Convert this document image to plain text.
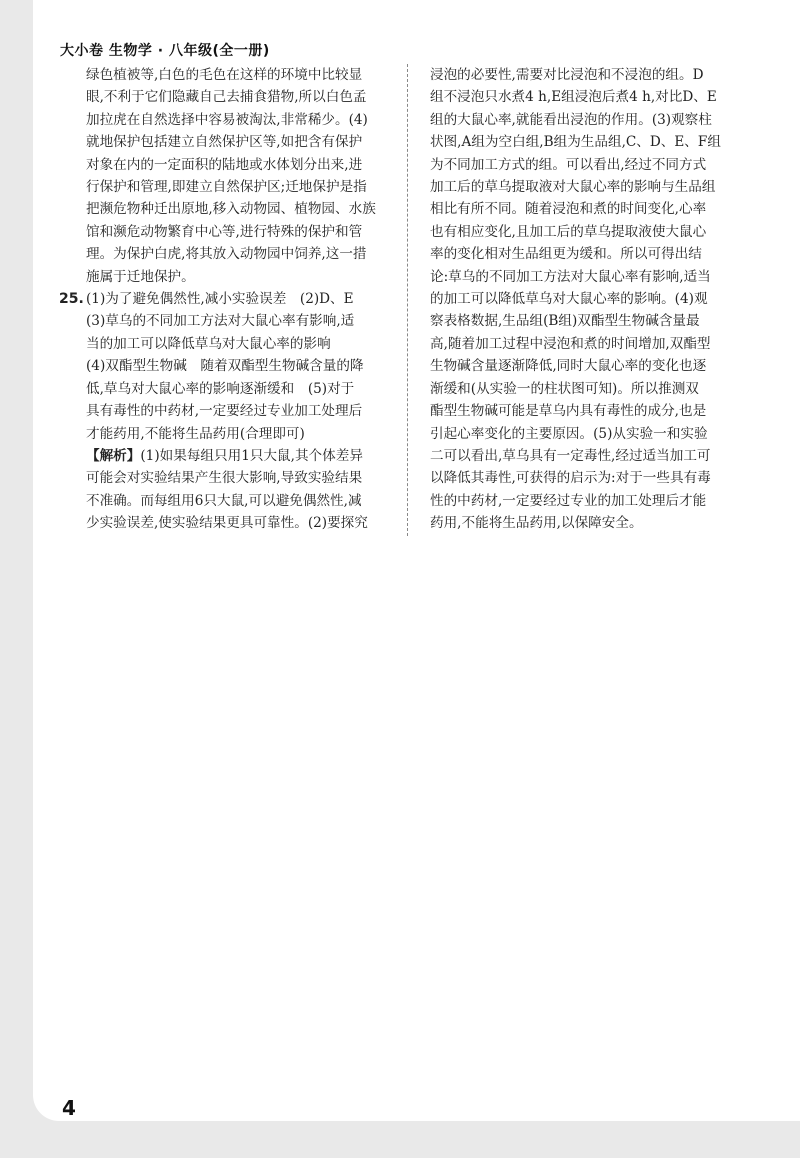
大小卷 生物学 · 八年级(全一册)
绿色植被等,白色的毛色在这样的环境中比较显
眼,不利于它们隐藏自己去捕食猎物,所以白色孟
加拉虎在自然选择中容易被淘汰,非常稀少。(4)
就地保护包括建立自然保护区等,如把含有保护
对象在内的一定面积的陆地或水体划分出来,进
行保护和管理,即建立自然保护区;迁地保护是指
把濒危物种迁出原地,移入动物园、植物园、水族
馆和濒危动物繁育中心等,进行特殊的保护和管
理。为保护白虎,将其放入动物园中饲养,这一措
施属于迁地保护。
25. (1)为了避免偶然性,减小实验误差　(2)D、E
(3)草乌的不同加工方法对大鼠心率有影响,适
当的加工可以降低草乌对大鼠心率的影响
(4)双酯型生物碱　随着双酯型生物碱含量的降
低,草乌对大鼠心率的影响逐渐缓和　(5)对于
具有毒性的中药材,一定要经过专业加工处理后
才能药用,不能将生品药用(合理即可)
【解析】(1)如果每组只用1只大鼠,其个体差异
可能会对实验结果产生很大影响,导致实验结果
不准确。而每组用6只大鼠,可以避免偶然性,减
少实验误差,使实验结果更具可靠性。(2)要探究
浸泡的必要性,需要对比浸泡和不浸泡的组。D
组不浸泡只水煮4 h,E组浸泡后煮4 h,对比D、E
组的大鼠心率,就能看出浸泡的作用。(3)观察柱
状图,A组为空白组,B组为生品组,C、D、E、F组
为不同加工方式的组。可以看出,经过不同方式
加工后的草乌提取液对大鼠心率的影响与生品组
相比有所不同。随着浸泡和煮的时间变化,心率
也有相应变化,且加工后的草乌提取液使大鼠心
率的变化相对生品组更为缓和。所以可得出结
论:草乌的不同加工方法对大鼠心率有影响,适当
的加工可以降低草乌对大鼠心率的影响。(4)观
察表格数据,生品组(B组)双酯型生物碱含量最
高,随着加工过程中浸泡和煮的时间增加,双酯型
生物碱含量逐渐降低,同时大鼠心率的变化也逐
渐缓和(从实验一的柱状图可知)。所以推测双
酯型生物碱可能是草乌内具有毒性的成分,也是
引起心率变化的主要原因。(5)从实验一和实验
二可以看出,草乌具有一定毒性,经过适当加工可
以降低其毒性,可获得的启示为:对于一些具有毒
性的中药材,一定要经过专业的加工处理后才能
药用,不能将生品药用,以保障安全。
4
